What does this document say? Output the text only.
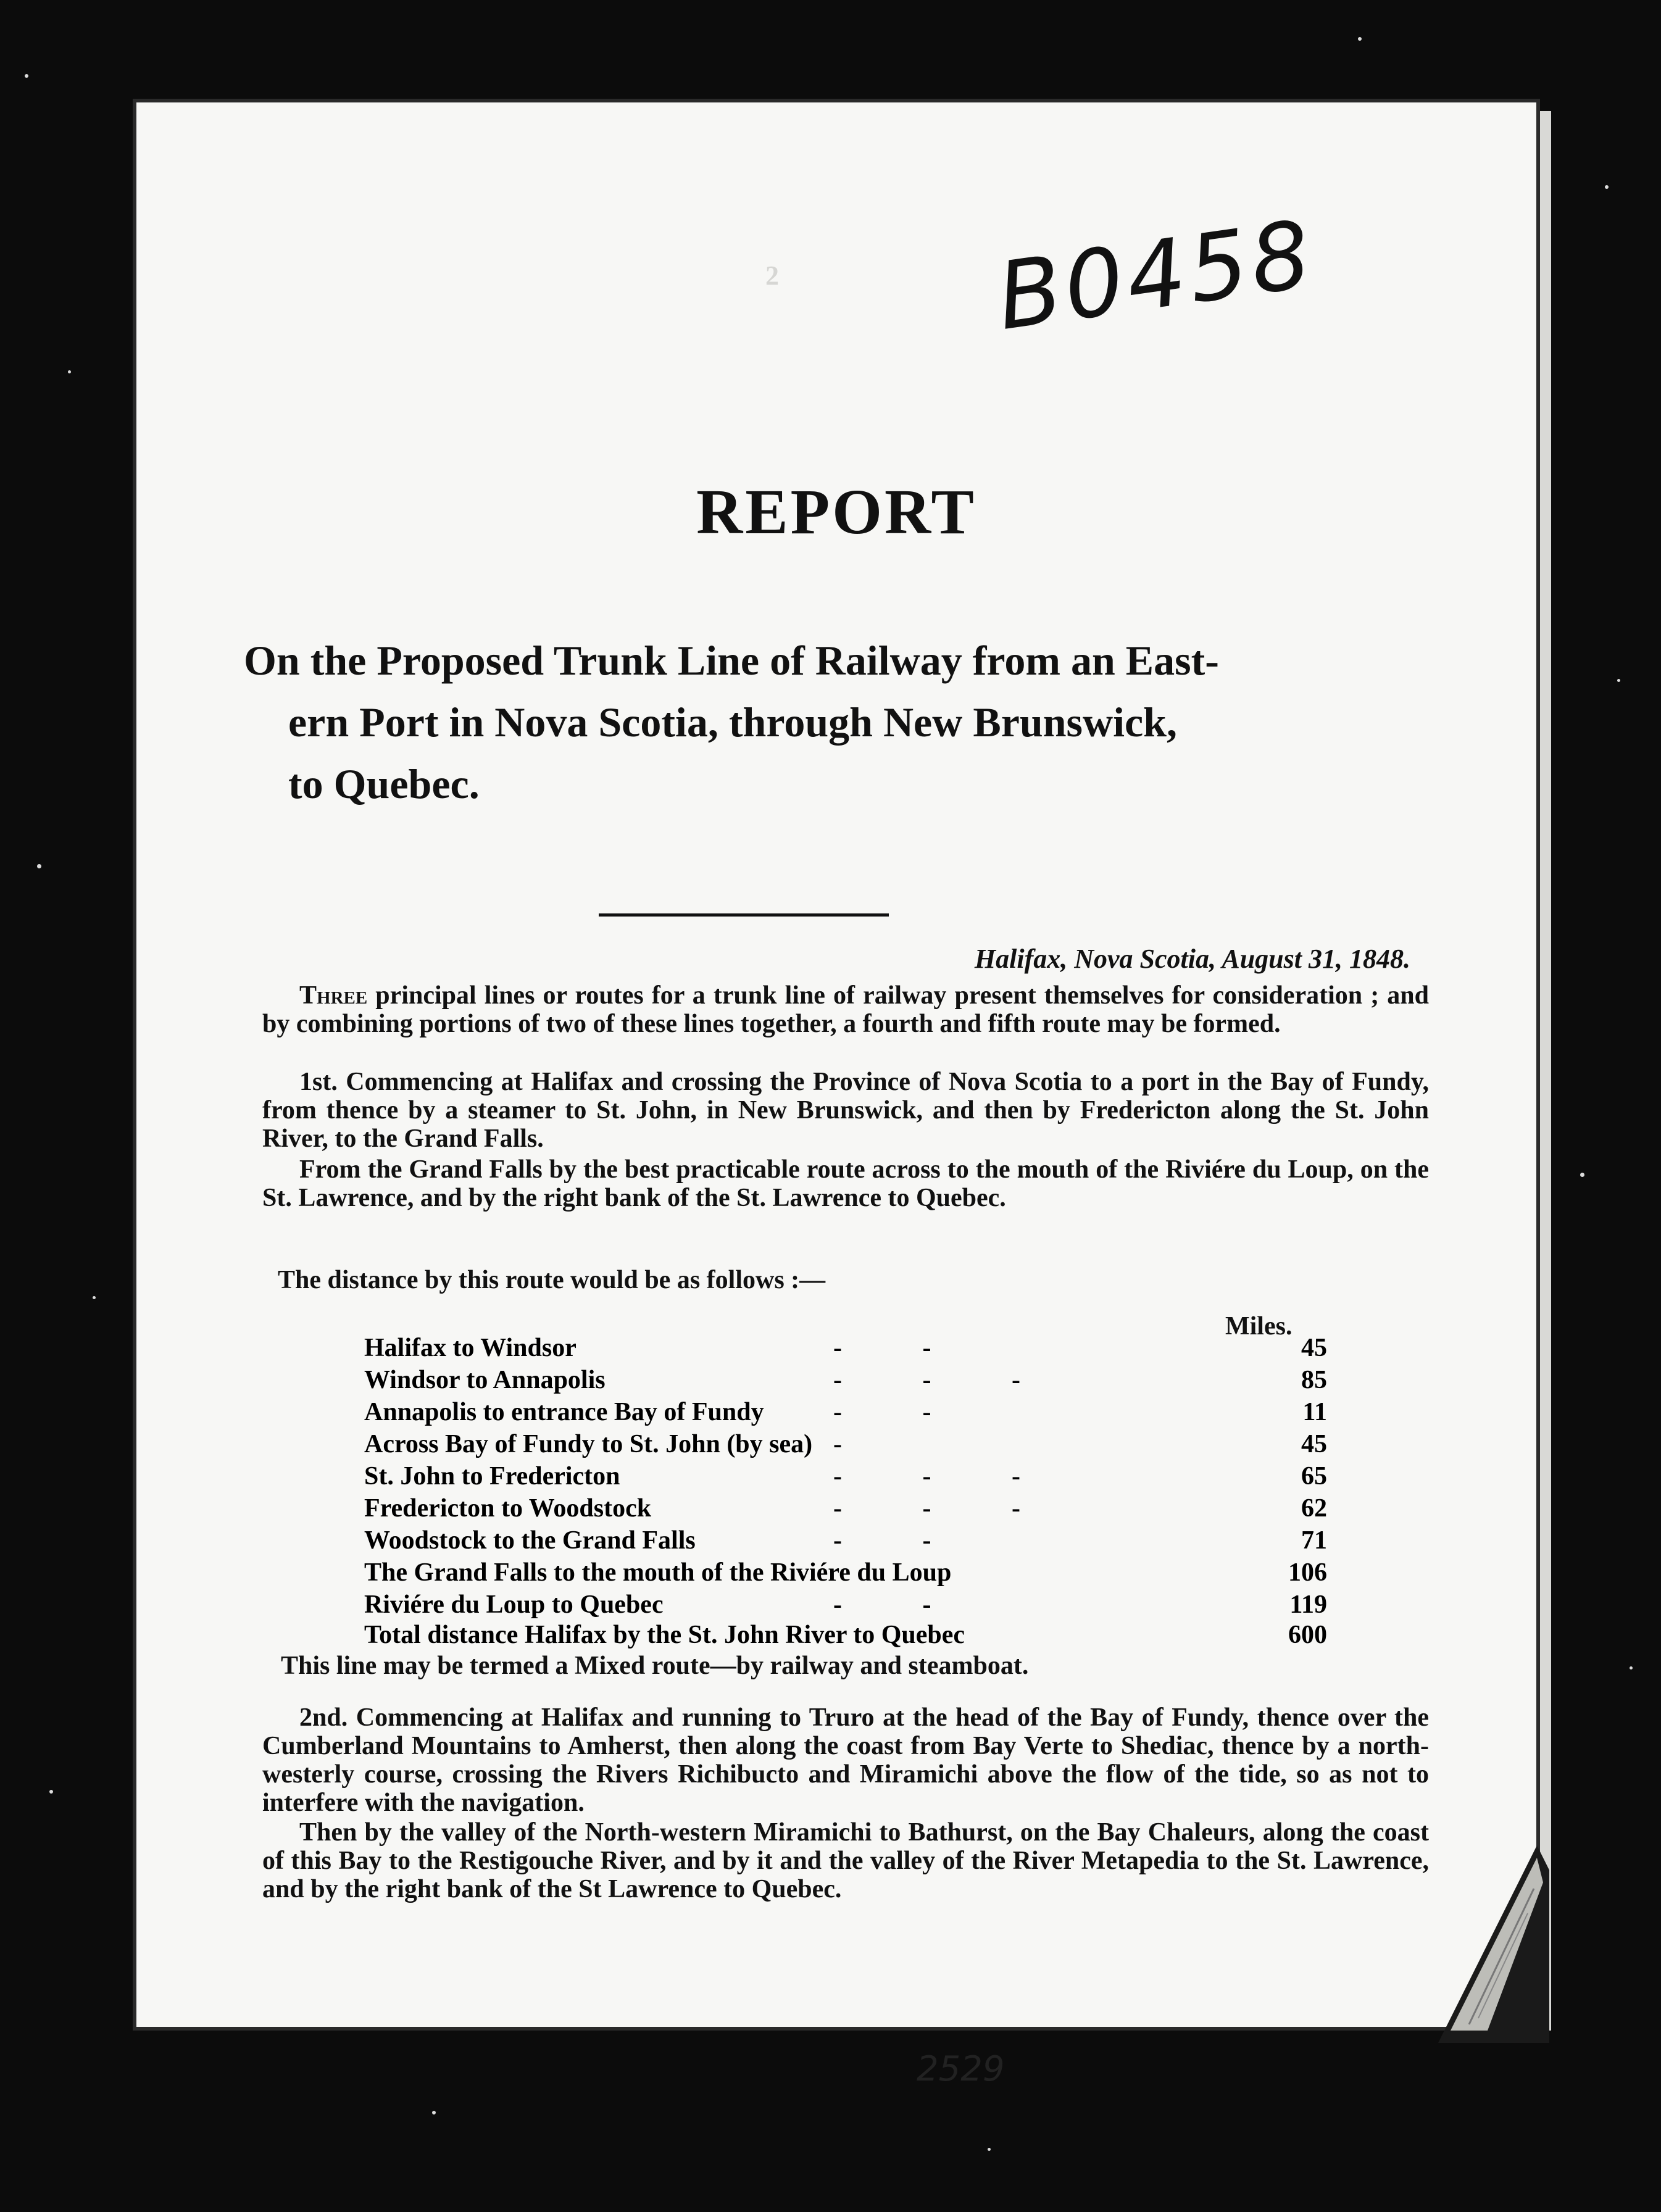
2 B0458
REPORT
On the Proposed Trunk Line of Railway from an East-
ern Port in Nova Scotia, through New Brunswick,
to Quebec.
Halifax, Nova Scotia, August 31, 1848.
Three principal lines or routes for a trunk line of railway present themselves for consideration ; and by combining portions of two of these lines together, a fourth and fifth route may be formed.
1st. Commencing at Halifax and crossing the Province of Nova Scotia to a port in the Bay of Fundy, from thence by a steamer to St. John, in New Brunswick, and then by Fredericton along the St. John River, to the Grand Falls.
From the Grand Falls by the best practicable route across to the mouth of the Riviére du Loup, on the St. Lawrence, and by the right bank of the St. Lawrence to Quebec.
The distance by this route would be as follows :—
Miles.
Halifax to Windsor	- -	45
Windsor to Annapolis	- - -	85
Annapolis to entrance Bay of Fundy	- -	11
Across Bay of Fundy to St. John (by sea) -	45
St. John to Fredericton	- - -	65
Fredericton to Woodstock	- - -	62
Woodstock to the Grand Falls	- -	71
The Grand Falls to the mouth of the Riviére du Loup	106
Riviére du Loup to Quebec	- -	119
Total distance Halifax by the St. John River to Quebec	600
This line may be termed a Mixed route—by railway and steamboat.
2nd. Commencing at Halifax and running to Truro at the head of the Bay of Fundy, thence over the Cumberland Mountains to Amherst, then along the coast from Bay Verte to Shediac, thence by a north-westerly course, crossing the Rivers Richibucto and Miramichi above the flow of the tide, so as not to interfere with the navigation.
Then by the valley of the North-western Miramichi to Bathurst, on the Bay Chaleurs, along the coast of this Bay to the Restigouche River, and by it and the valley of the River Metapedia to the St. Lawrence, and by the right bank of the St Lawrence to Quebec.
2529
